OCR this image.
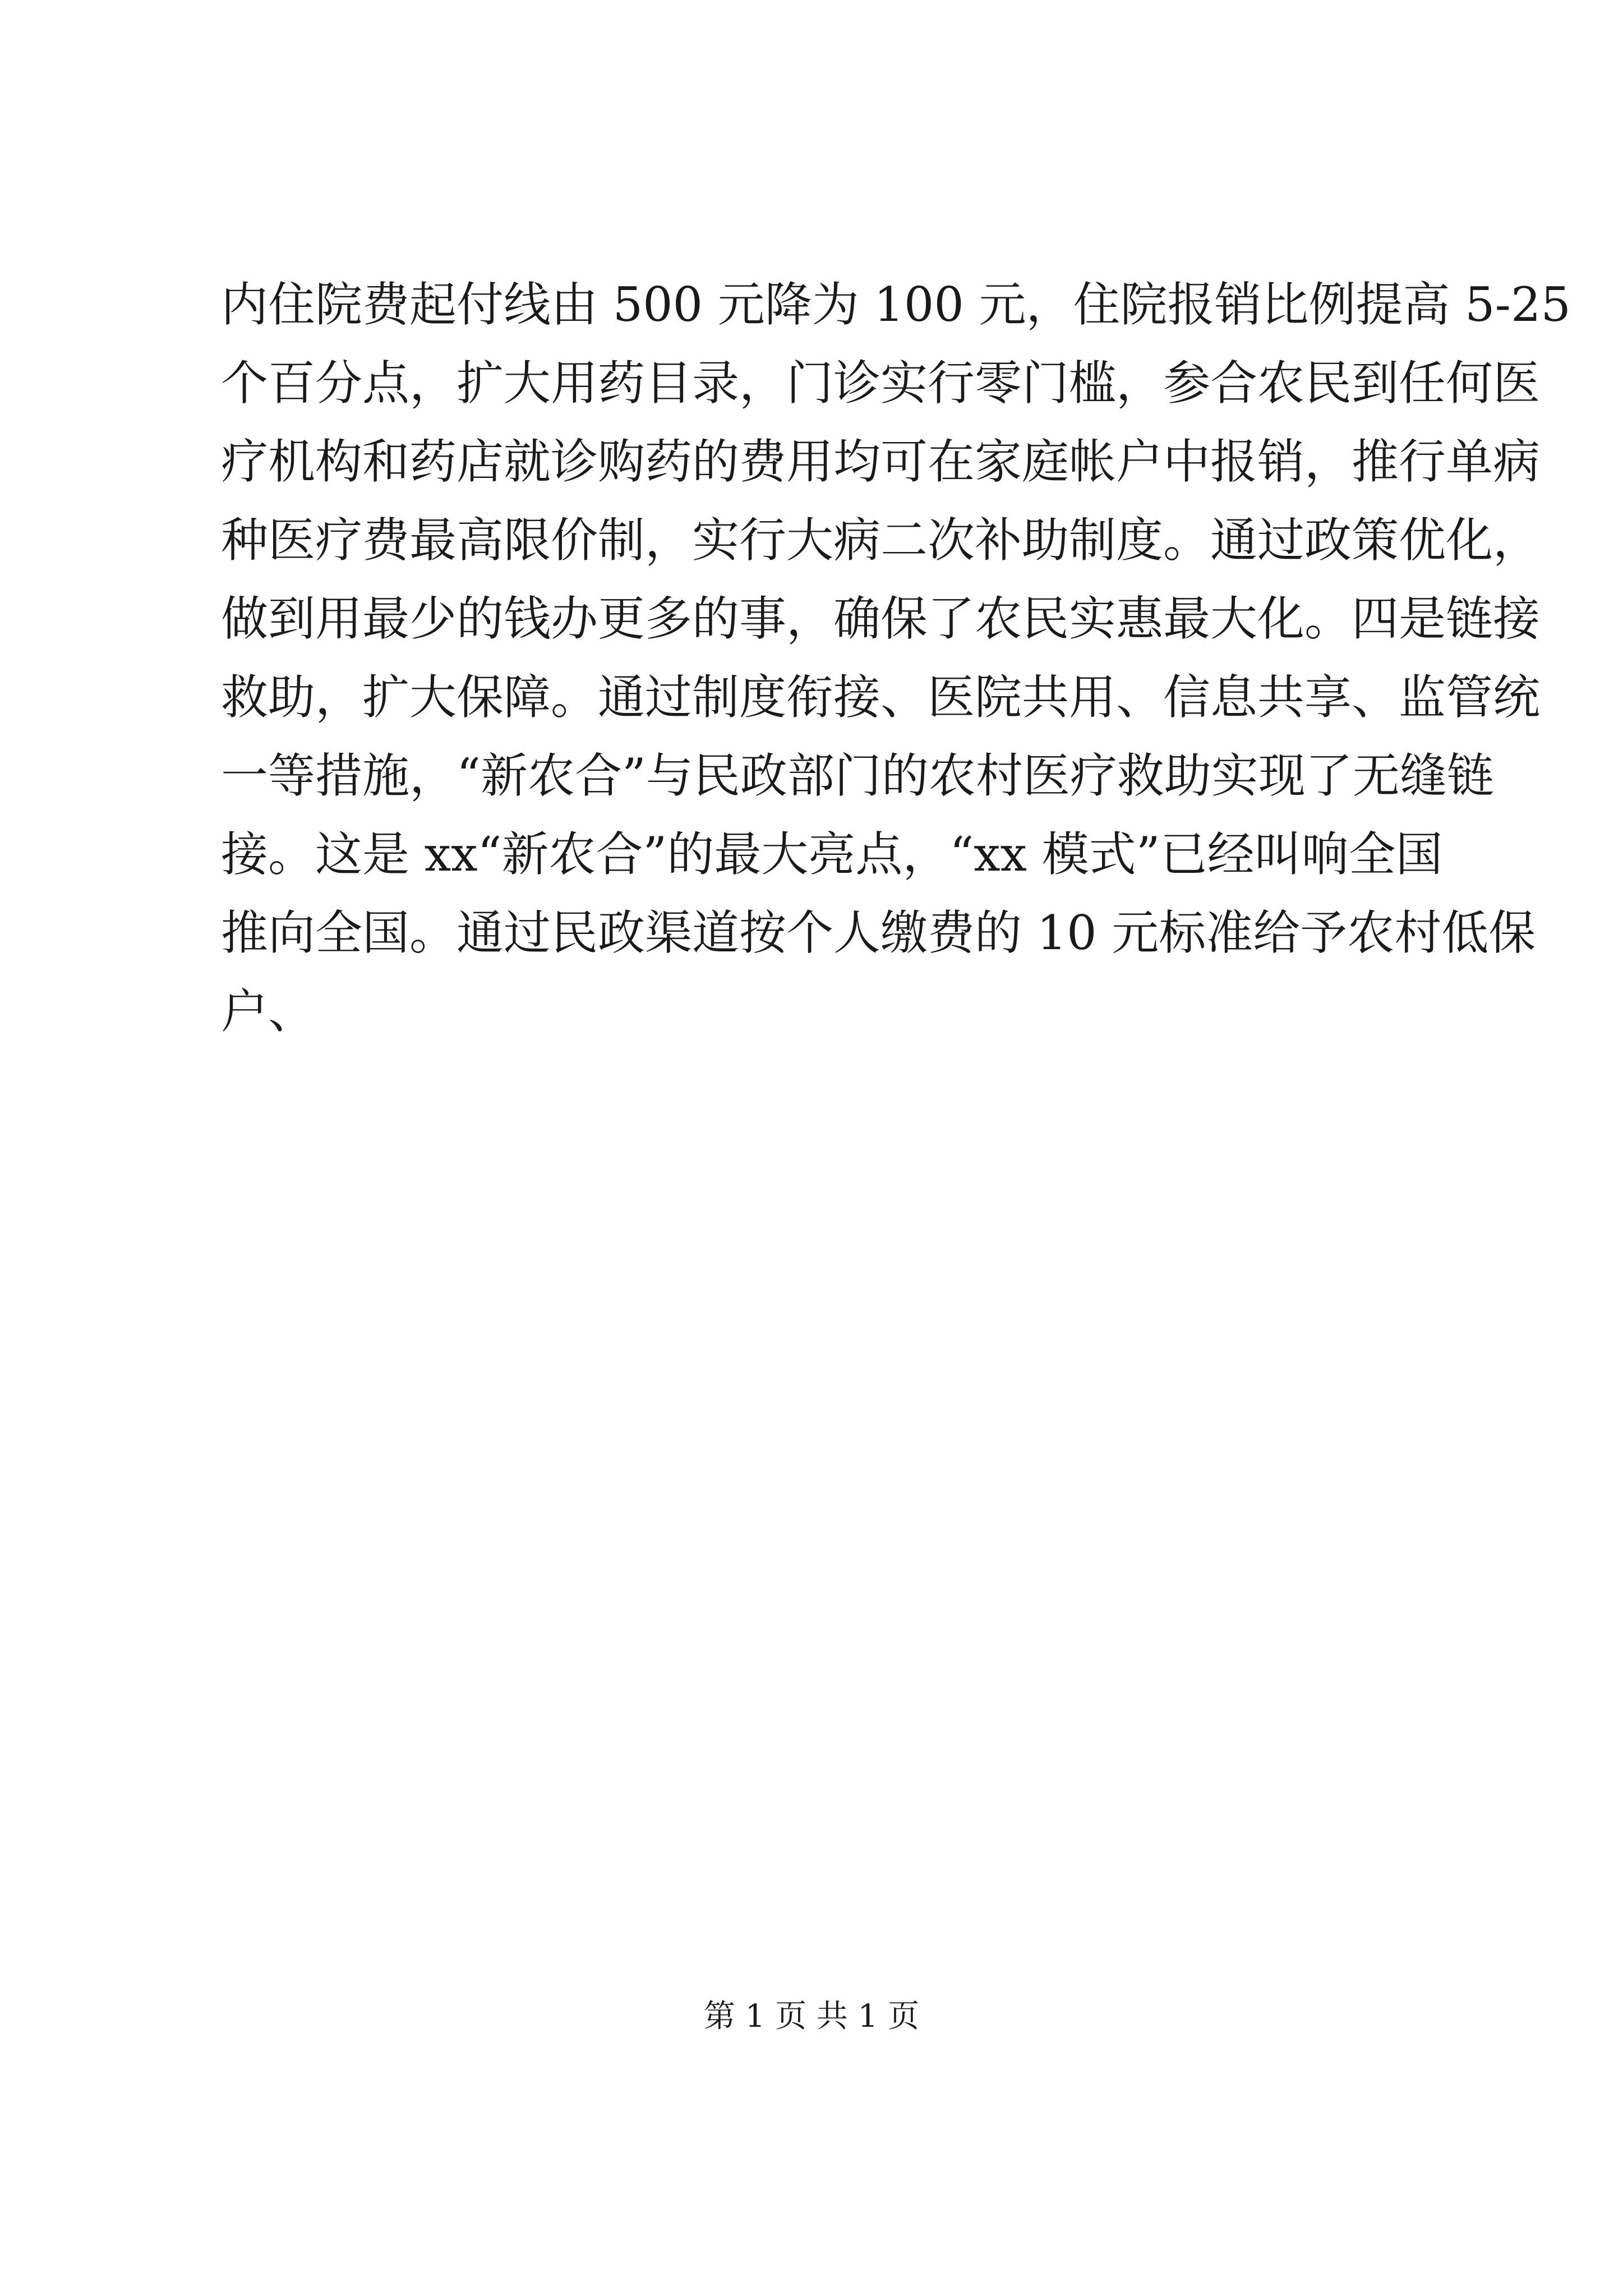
内住院费起付线由 500 元降为 100 元，住院报销比例提高 5-25
个百分点，扩大用药目录，门诊实行零门槛，参合农民到任何医
疗机构和药店就诊购药的费用均可在家庭帐户中报销，推行单病
种医疗费最高限价制，实行大病二次补助制度。通过政策优化，
做到用最少的钱办更多的事，确保了农民实惠最大化。四是链接
救助，扩大保障。通过制度衔接、医院共用、信息共享、监管统
一等措施，“新农合”与民政部门的农村医疗救助实现了无缝链
接。这是 xx“新农合”的最大亮点，“xx 模式”已经叫响全国
推向全国。通过民政渠道按个人缴费的 10 元标准给予农村低保
户、
第 1 页 共 1 页
